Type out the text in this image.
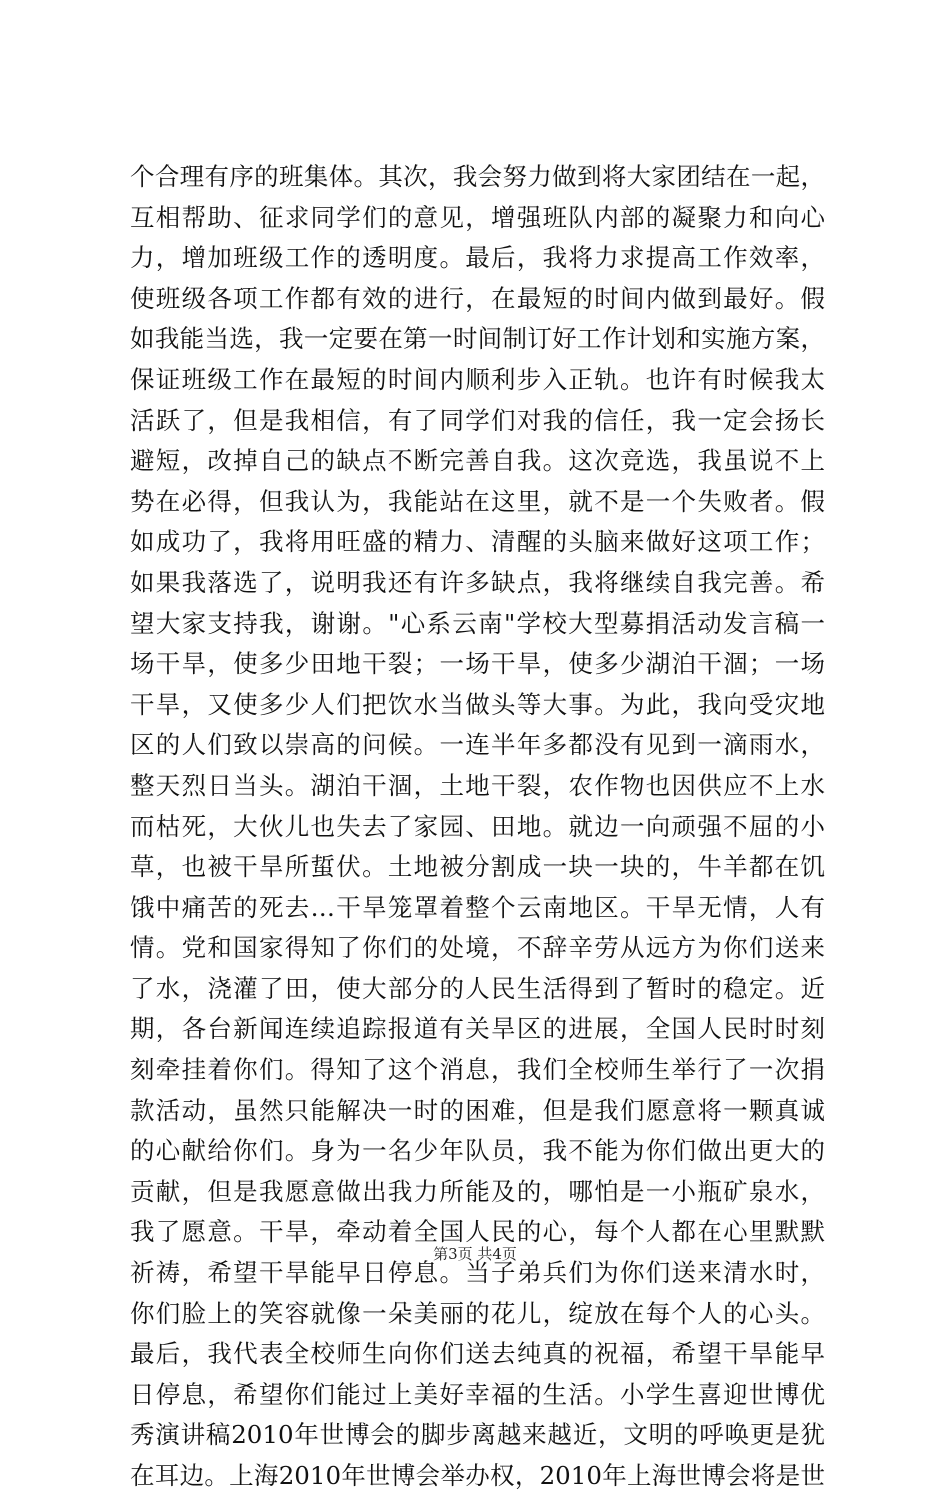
个合理有序的班集体。其次，我会努力做到将大家团结在一起，
互相帮助、征求同学们的意见，增强班队内部的凝聚力和向心
力，增加班级工作的透明度。最后，我将力求提高工作效率，
使班级各项工作都有效的进行，在最短的时间内做到最好。假
如我能当选，我一定要在第一时间制订好工作计划和实施方案，
保证班级工作在最短的时间内顺利步入正轨。也许有时候我太
活跃了，但是我相信，有了同学们对我的信任，我一定会扬长
避短，改掉自己的缺点不断完善自我。这次竞选，我虽说不上
势在必得，但我认为，我能站在这里，就不是一个失败者。假
如成功了，我将用旺盛的精力、清醒的头脑来做好这项工作；
如果我落选了，说明我还有许多缺点，我将继续自我完善。希
望大家支持我，谢谢。"心系云南"学校大型募捐活动发言稿一
场干旱，使多少田地干裂；一场干旱，使多少湖泊干涸；一场
干旱，又使多少人们把饮水当做头等大事。为此，我向受灾地
区的人们致以崇高的问候。一连半年多都没有见到一滴雨水，
整天烈日当头。湖泊干涸，土地干裂，农作物也因供应不上水
而枯死，大伙儿也失去了家园、田地。就边一向顽强不屈的小
草，也被干旱所蜇伏。土地被分割成一块一块的，牛羊都在饥
饿中痛苦的死去…干旱笼罩着整个云南地区。干旱无情，人有
情。党和国家得知了你们的处境，不辞辛劳从远方为你们送来
了水，浇灌了田，使大部分的人民生活得到了暂时的稳定。近
期，各台新闻连续追踪报道有关旱区的进展，全国人民时时刻
刻牵挂着你们。得知了这个消息，我们全校师生举行了一次捐
款活动，虽然只能解决一时的困难，但是我们愿意将一颗真诚
的心献给你们。身为一名少年队员，我不能为你们做出更大的
贡献，但是我愿意做出我力所能及的，哪怕是一小瓶矿泉水，
我了愿意。干旱，牵动着全国人民的心，每个人都在心里默默
祈祷，希望干旱能早日停息。当子弟兵们为你们送来清水时，
你们脸上的笑容就像一朵美丽的花儿，绽放在每个人的心头。
最后，我代表全校师生向你们送去纯真的祝福，希望干旱能早
日停息，希望你们能过上美好幸福的生活。小学生喜迎世博优
秀演讲稿2010年世博会的脚步离越来越近，文明的呼唤更是犹
在耳边。上海2010年世博会举办权，2010年上海世博会将是世
第3页 共4页
